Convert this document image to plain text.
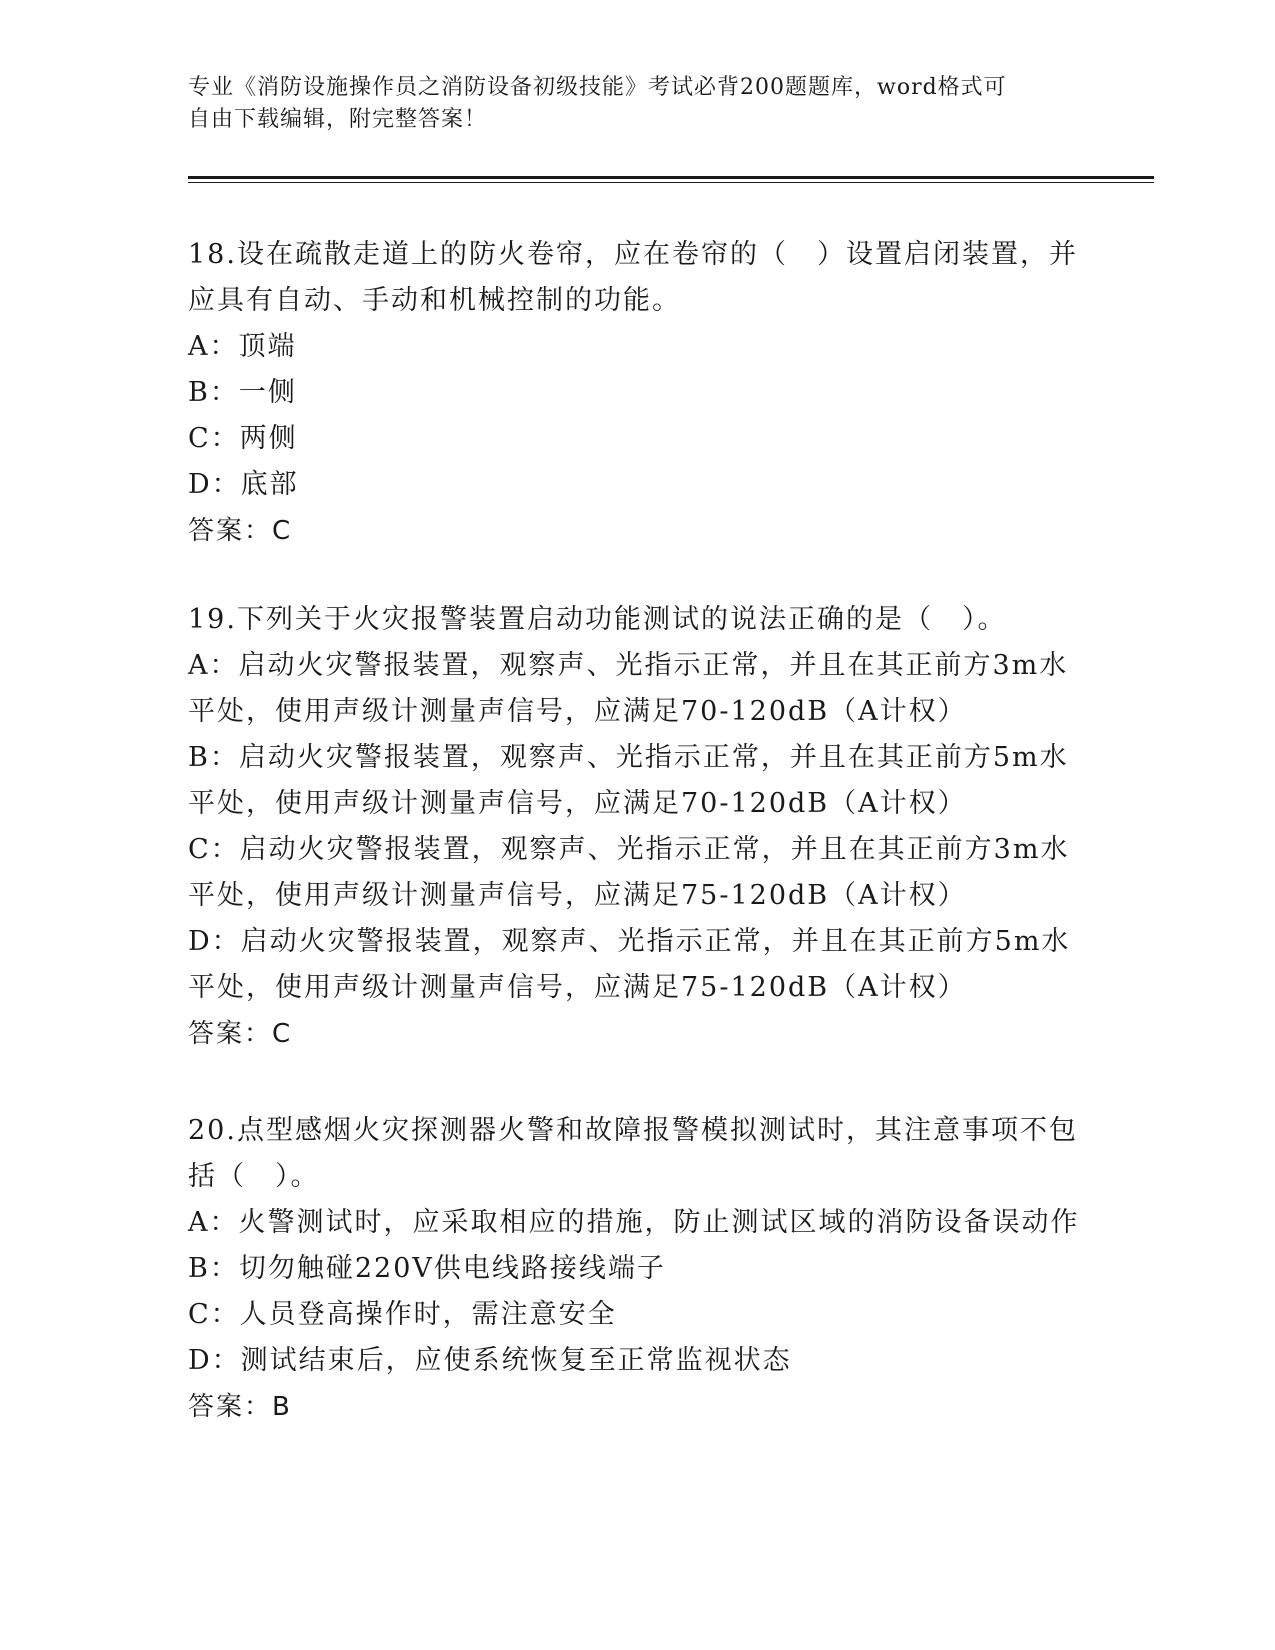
专业《消防设施操作员之消防设备初级技能》考试必背200题题库，word格式可
自由下载编辑，附完整答案！
18.设在疏散走道上的防火卷帘，应在卷帘的（　）设置启闭装置，并
应具有自动、手动和机械控制的功能。
A：顶端
B：一侧
C：两侧
D：底部
答案：C
19.下列关于火灾报警装置启动功能测试的说法正确的是（　）。
A：启动火灾警报装置，观察声、光指示正常，并且在其正前方3m水
平处，使用声级计测量声信号，应满足70-120dB（A计权）
B：启动火灾警报装置，观察声、光指示正常，并且在其正前方5m水
平处，使用声级计测量声信号，应满足70-120dB（A计权）
C：启动火灾警报装置，观察声、光指示正常，并且在其正前方3m水
平处，使用声级计测量声信号，应满足75-120dB（A计权）
D：启动火灾警报装置，观察声、光指示正常，并且在其正前方5m水
平处，使用声级计测量声信号，应满足75-120dB（A计权）
答案：C
20.点型感烟火灾探测器火警和故障报警模拟测试时，其注意事项不包
括（　）。
A：火警测试时，应采取相应的措施，防止测试区域的消防设备误动作
B：切勿触碰220V供电线路接线端子
C：人员登高操作时，需注意安全
D：测试结束后，应使系统恢复至正常监视状态
答案：B
